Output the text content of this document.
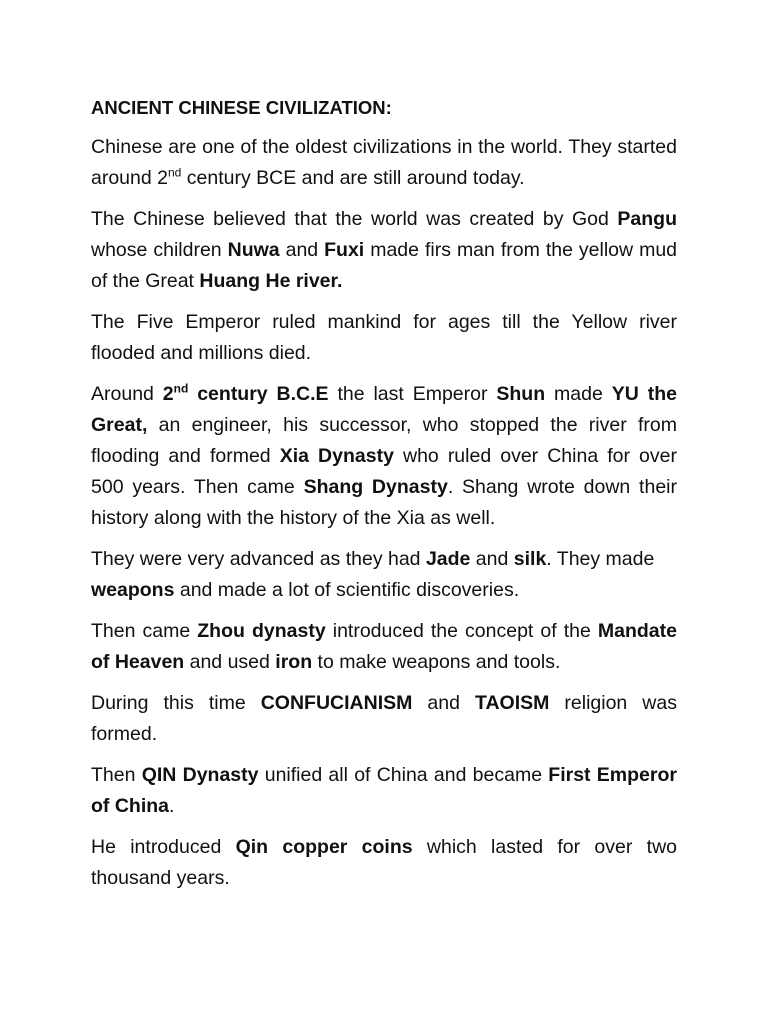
ANCIENT CHINESE CIVILIZATION:

Chinese are one of the oldest civilizations in the world. They started around 2nd century BCE and are still around today.

The Chinese believed that the world was created by God Pangu whose children Nuwa and Fuxi made firs man from the yellow mud of the Great Huang He river.

The Five Emperor ruled mankind for ages till the Yellow river flooded and millions died.

Around 2nd century B.C.E the last Emperor Shun made YU the Great, an engineer, his successor, who stopped the river from flooding and formed Xia Dynasty who ruled over China for over 500 years. Then came Shang Dynasty. Shang wrote down their history along with the history of the Xia as well.

They were very advanced as they had Jade and silk. They made weapons and made a lot of scientific discoveries.

Then came Zhou dynasty introduced the concept of the Mandate of Heaven and used iron to make weapons and tools.

During this time CONFUCIANISM and TAOISM religion was formed.

Then QIN Dynasty unified all of China and became First Emperor of China.

He introduced Qin copper coins which lasted for over two thousand years.
